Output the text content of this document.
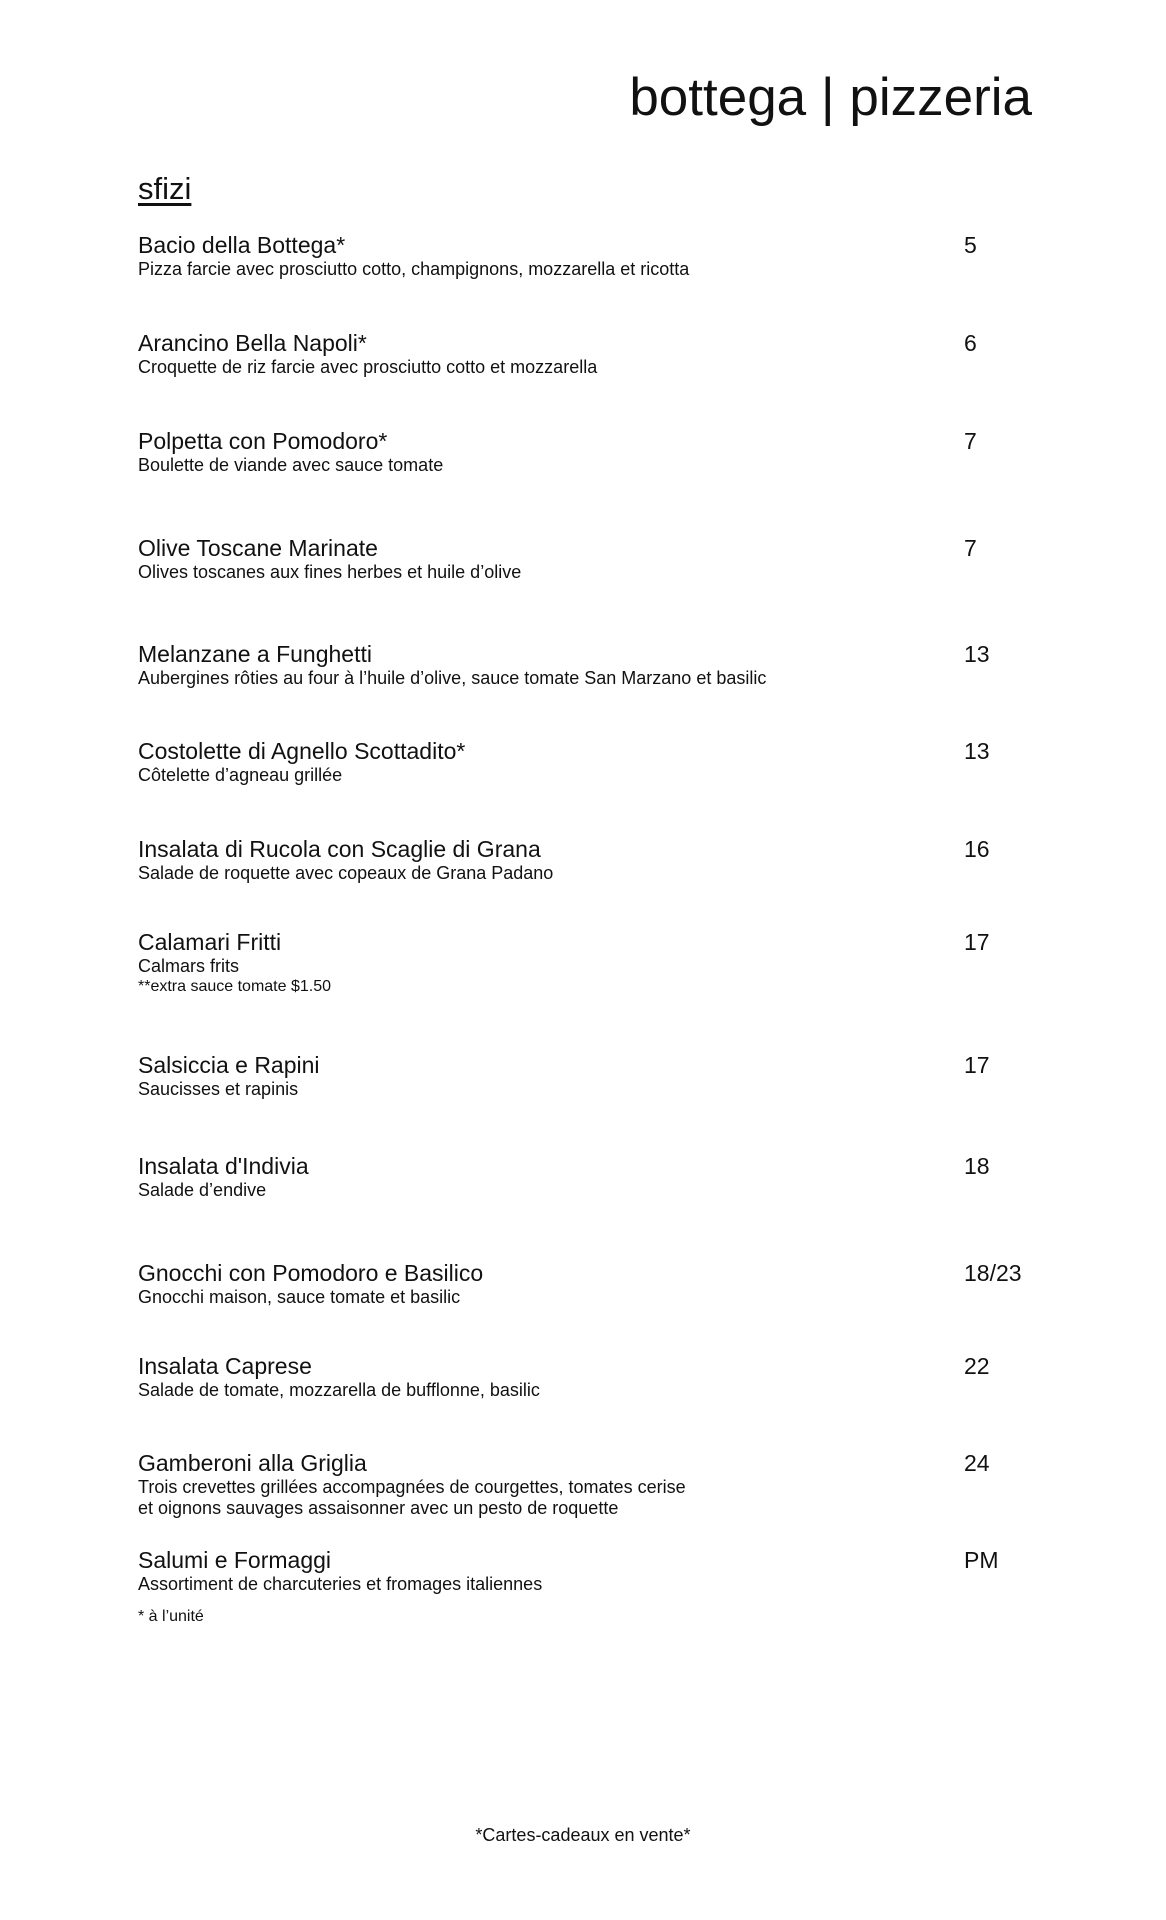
bottega | pizzeria
sfizi
Bacio della Bottega*	5
Pizza farcie avec prosciutto cotto, champignons, mozzarella et ricotta
Arancino Bella Napoli*	6
Croquette de riz farcie avec prosciutto cotto et mozzarella
Polpetta con Pomodoro*	7
Boulette de viande avec sauce tomate
Olive Toscane Marinate	7
Olives toscanes aux fines herbes et huile d’olive
Melanzane a Funghetti	13
Aubergines rôties au four à l’huile d’olive, sauce tomate San Marzano et basilic
Costolette di Agnello Scottadito*	13
Côtelette d’agneau grillée
Insalata di Rucola con Scaglie di Grana	16
Salade de roquette avec copeaux de Grana Padano
Calamari Fritti	17
Calmars frits
**extra sauce tomate $1.50
Salsiccia e Rapini	17
Saucisses et rapinis
Insalata d'Indivia	18
Salade d’endive
Gnocchi con Pomodoro e Basilico	18/23
Gnocchi maison, sauce tomate et basilic
Insalata Caprese	22
Salade de tomate, mozzarella de bufflonne, basilic
Gamberoni alla Griglia	24
Trois crevettes grillées accompagnées de courgettes, tomates cerise
et oignons sauvages assaisonner avec un pesto de roquette
Salumi e Formaggi	PM
Assortiment de charcuteries et fromages italiennes
* à l’unité
*Cartes-cadeaux en vente*
